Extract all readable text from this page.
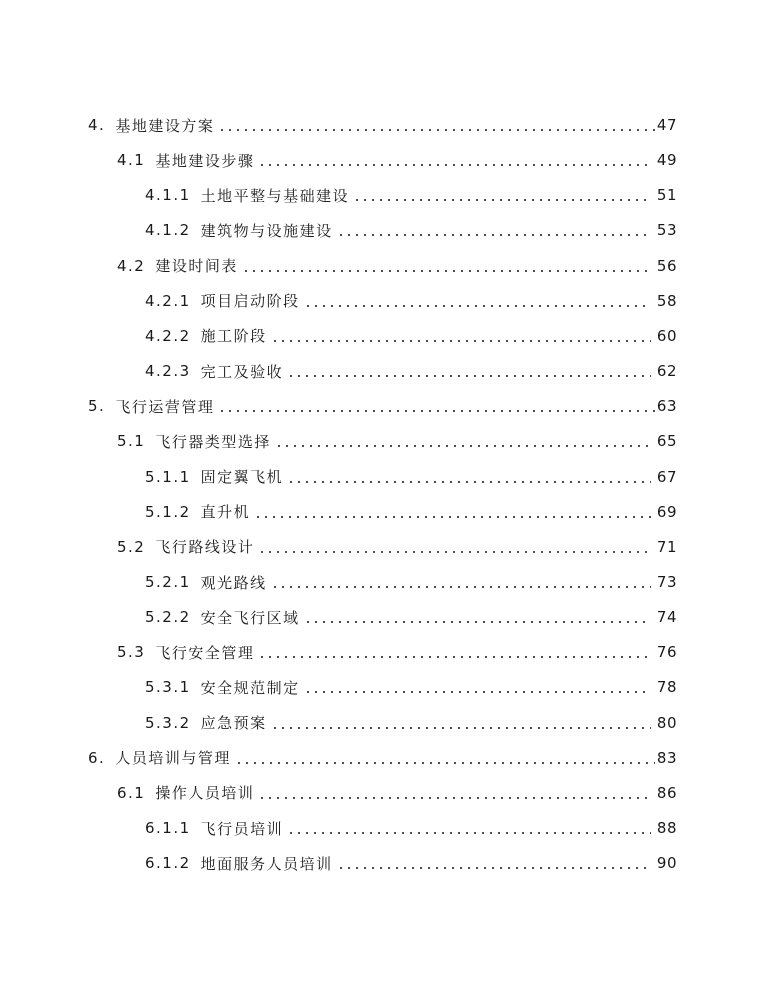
4. 基地建设方案	47
4.1 基地建设步骤	49
4.1.1 土地平整与基础建设	51
4.1.2 建筑物与设施建设	53
4.2 建设时间表	56
4.2.1 项目启动阶段	58
4.2.2 施工阶段	60
4.2.3 完工及验收	62
5. 飞行运营管理	63
5.1 飞行器类型选择	65
5.1.1 固定翼飞机	67
5.1.2 直升机	69
5.2 飞行路线设计	71
5.2.1 观光路线	73
5.2.2 安全飞行区域	74
5.3 飞行安全管理	76
5.3.1 安全规范制定	78
5.3.2 应急预案	80
6. 人员培训与管理	83
6.1 操作人员培训	86
6.1.1 飞行员培训	88
6.1.2 地面服务人员培训	90
